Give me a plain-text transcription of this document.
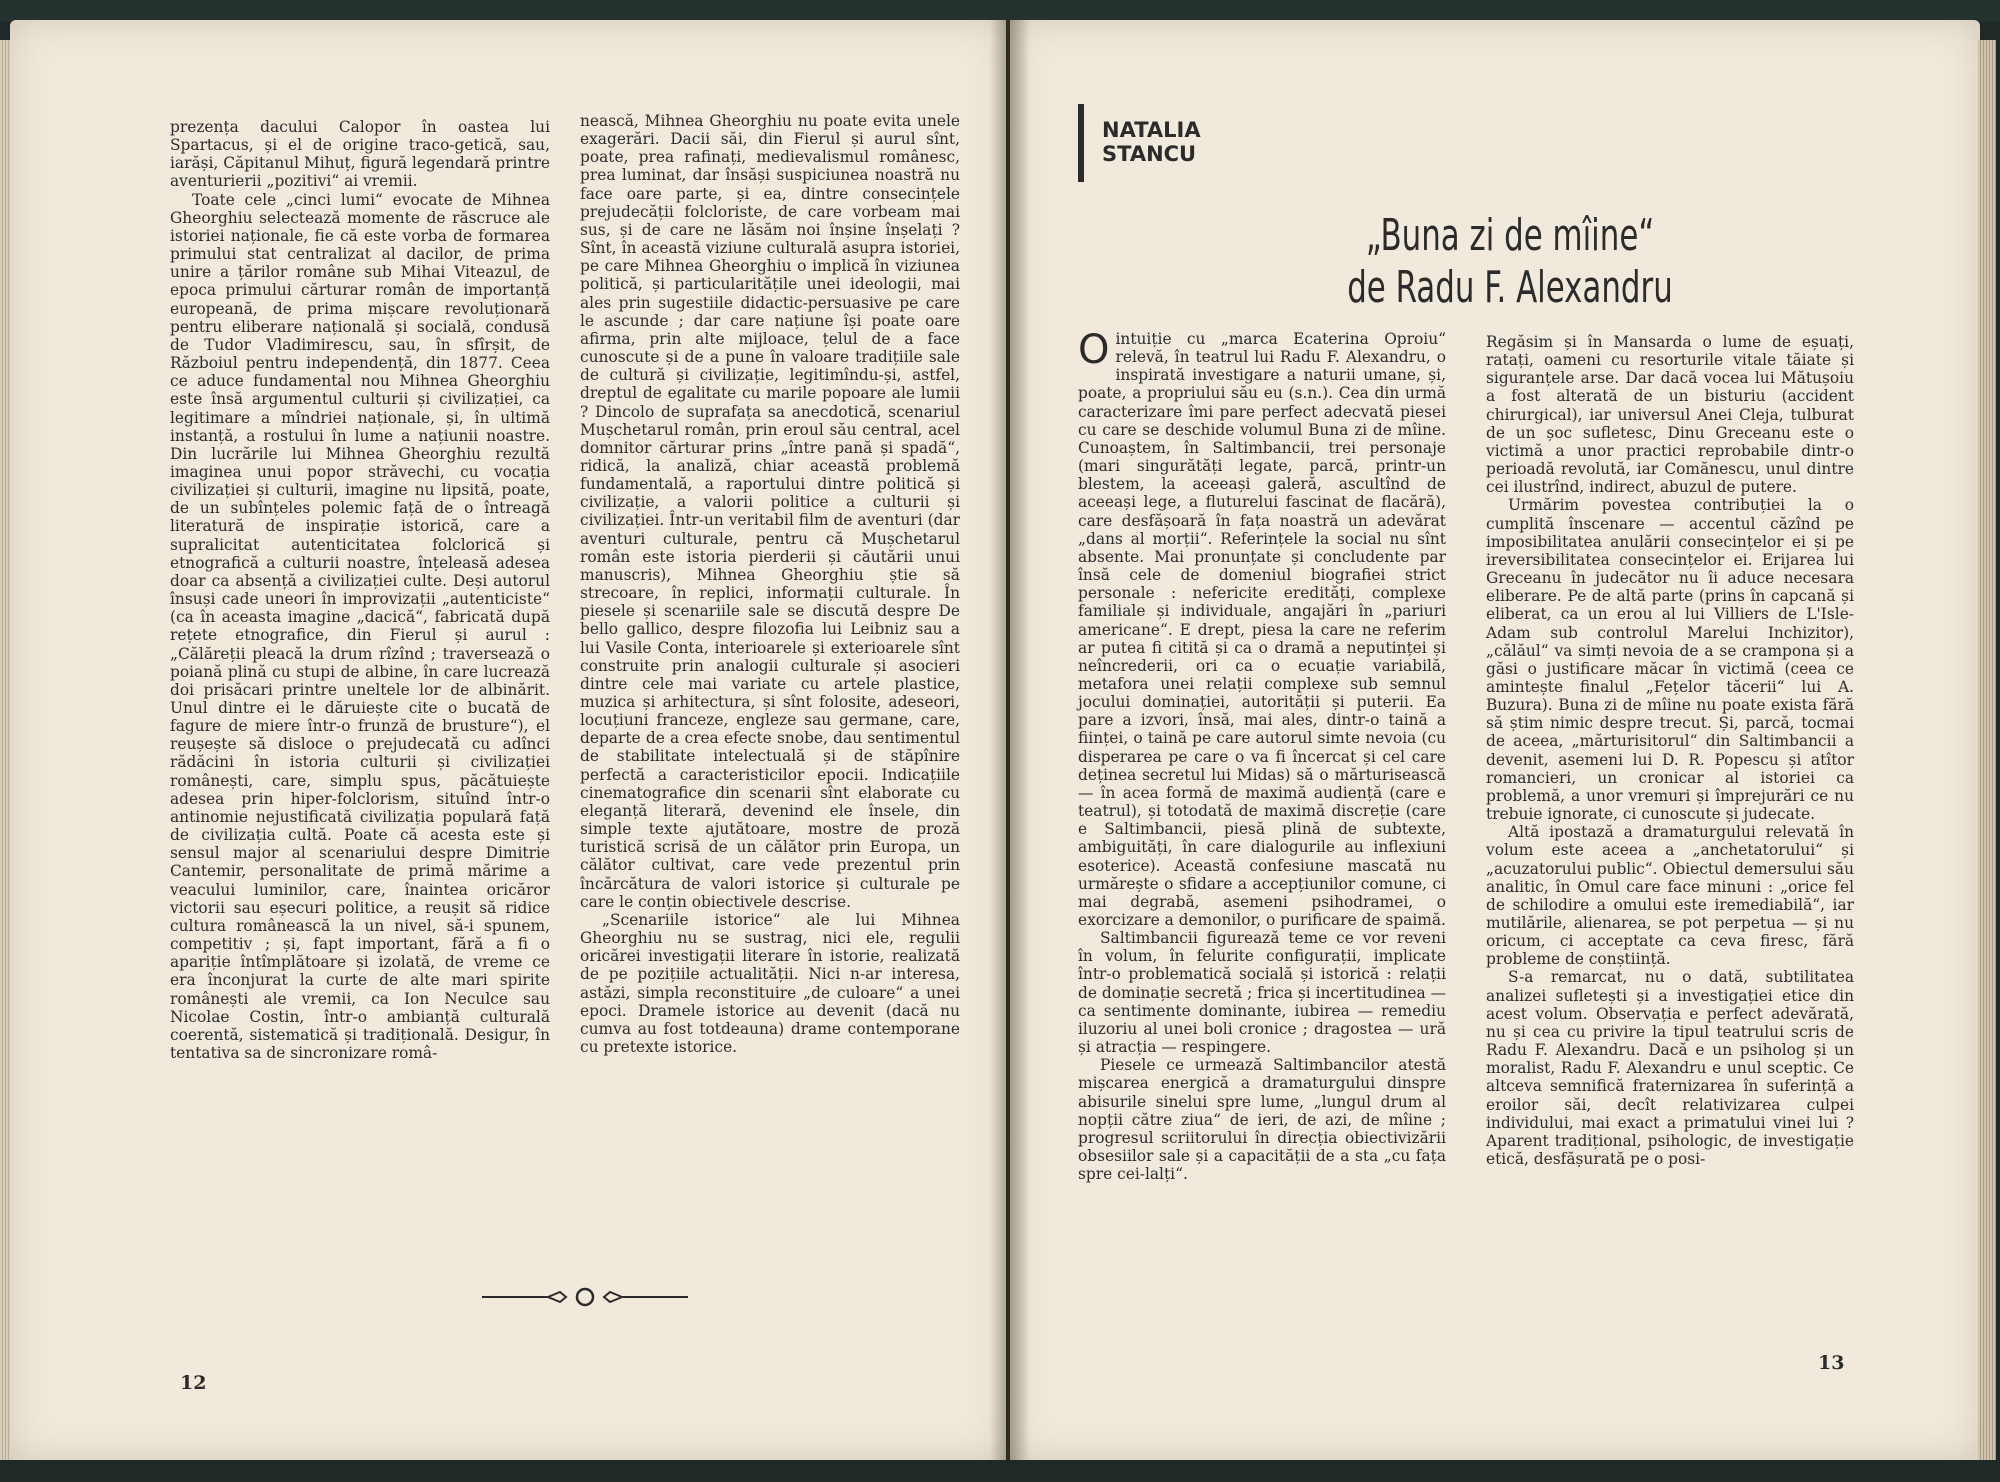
prezența dacului Calopor în oastea lui Spartacus, și el de origine traco-getică, sau, iarăși, Căpitanul Mihuț, figură legendară printre aventurierii „pozitivi“ ai vremii.

Toate cele „cinci lumi“ evocate de Mihnea Gheorghiu selectează momente de răscruce ale istoriei naționale, fie că este vorba de formarea primului stat centralizat al dacilor, de prima unire a țărilor române sub Mihai Viteazul, de epoca primului cărturar român de importanță europeană, de prima mișcare revoluționară pentru eliberare națională și socială, condusă de Tudor Vladimirescu, sau, în sfîrșit, de Războiul pentru independență, din 1877. Ceea ce aduce fundamental nou Mihnea Gheorghiu este însă argumentul culturii și civilizației, ca legitimare a mîndriei naționale, și, în ultimă instanță, a rostului în lume a națiunii noastre. Din lucrările lui Mihnea Gheorghiu rezultă imaginea unui popor străvechi, cu vocația civilizației și culturii, imagine nu lipsită, poate, de un subînțeles polemic față de o întreagă literatură de inspirație istorică, care a supralicitat autenticitatea folclorică și etnografică a culturii noastre, înțeleasă adesea doar ca absență a civilizației culte. Deși autorul însuși cade uneori în improvizații „autenticiste“ (ca în aceasta imagine „dacică“, fabricată după rețete etnografice, din Fierul și aurul : „Călăreții pleacă la drum rîzînd ; traversează o poiană plină cu stupi de albine, în care lucrează doi prisăcari printre uneltele lor de albinărit. Unul dintre ei le dăruiește cite o bucată de fagure de miere într-o frunză de brusture“), el reușește să disloce o prejudecată cu adînci rădăcini în istoria culturii și civilizației românești, care, simplu spus, păcătuiește adesea prin hiper-folclorism, situînd într-o antinomie nejustificată civilizația populară față de civilizația cultă. Poate că acesta este și sensul major al scenariului despre Dimitrie Cantemir, personalitate de primă mărime a veacului luminilor, care, înaintea oricăror victorii sau eșecuri politice, a reușit să ridice cultura românească la un nivel, să-i spunem, competitiv ; și, fapt important, fără a fi o apariție întîmplătoare și izolată, de vreme ce era înconjurat la curte de alte mari spirite românești ale vremii, ca Ion Neculce sau Nicolae Costin, într-o ambianță culturală coerentă, sistematică și tradițională. Desigur, în tentativa sa de sincronizare româ-

nească, Mihnea Gheorghiu nu poate evita unele exagerări. Dacii săi, din Fierul și aurul sînt, poate, prea rafinați, medievalismul românesc, prea luminat, dar însăși suspiciunea noastră nu face oare parte, și ea, dintre consecințele prejudecății folcloriste, de care vorbeam mai sus, și de care ne lăsăm noi înșine înșelați ? Sînt, în această viziune culturală asupra istoriei, pe care Mihnea Gheorghiu o implică în viziunea politică, și particularitățile unei ideologii, mai ales prin sugestiile didactic-persuasive pe care le ascunde ; dar care națiune își poate oare afirma, prin alte mijloace, țelul de a face cunoscute și de a pune în valoare tradițiile sale de cultură și civilizație, legitimîndu-și, astfel, dreptul de egalitate cu marile popoare ale lumii ? Dincolo de suprafața sa anecdotică, scenariul Mușchetarul român, prin eroul său central, acel domnitor cărturar prins „între pană și spadă“, ridică, la analiză, chiar această problemă fundamentală, a raportului dintre politică și civilizație, a valorii politice a culturii și civilizației. Într-un veritabil film de aventuri (dar aventuri culturale, pentru că Mușchetarul român este istoria pierderii și căutării unui manuscris), Mihnea Gheorghiu știe să strecoare, în replici, informații culturale. În piesele și scenariile sale se discută despre De bello gallico, despre filozofia lui Leibniz sau a lui Vasile Conta, interioarele și exterioarele sînt construite prin analogii culturale și asocieri dintre cele mai variate cu artele plastice, muzica și arhitectura, și sînt folosite, adeseori, locuțiuni franceze, engleze sau germane, care, departe de a crea efecte snobe, dau sentimentul de stabilitate intelectuală și de stăpînire perfectă a caracteristicilor epocii. Indicațiile cinematografice din scenarii sînt elaborate cu eleganță literară, devenind ele însele, din simple texte ajutătoare, mostre de proză turistică scrisă de un călător prin Europa, un călător cultivat, care vede prezentul prin încărcătura de valori istorice și culturale pe care le conțin obiectivele descrise.

„Scenariile istorice“ ale lui Mihnea Gheorghiu nu se sustrag, nici ele, regulii oricărei investigații literare în istorie, realizată de pe pozițiile actualității. Nici n-ar interesa, astăzi, simpla reconstituire „de culoare“ a unei epoci. Dramele istorice au devenit (dacă nu cumva au fost totdeauna) drame contemporane cu pretexte istorice.

12
NATALIA
STANCU
„Buna zi de mîine“
de Radu F. Alexandru

Ointuiție cu „marca Ecaterina Oproiu“ relevă, în teatrul lui Radu F. Alexandru, o inspirată investigare a naturii umane, și, poate, a propriului său eu (s.n.). Cea din urmă caracterizare îmi pare perfect adecvată piesei cu care se deschide volumul Buna zi de mîine. Cunoaștem, în Saltimbancii, trei personaje (mari singurătăți legate, parcă, printr-un blestem, la aceeași galeră, ascultînd de aceeași lege, a fluturelui fascinat de flacără), care desfășoară în fața noastră un adevărat „dans al morții“. Referințele la social nu sînt absente. Mai pronunțate și concludente par însă cele de domeniul biografiei strict personale : nefericite eredități, complexe familiale și individuale, angajări în „pariuri americane“. E drept, piesa la care ne referim ar putea fi citită și ca o dramă a neputinței și neîncrederii, ori ca o ecuație variabilă, metafora unei relații complexe sub semnul jocului dominației, autorității și puterii. Ea pare a izvori, însă, mai ales, dintr-o taină a ființei, o taină pe care autorul simte nevoia (cu disperarea pe care o va fi încercat și cel care deținea secretul lui Midas) să o mărturisească — în acea formă de maximă audiență (care e teatrul), și totodată de maximă discreție (care e Saltimbancii, piesă plină de subtexte, ambiguități, în care dialogurile au inflexiuni esoterice). Această confesiune mascată nu urmărește o sfidare a accepțiunilor comune, ci mai degrabă, asemeni psihodramei, o exorcizare a demonilor, o purificare de spaimă.

Saltimbancii figurează teme ce vor reveni în volum, în felurite configurații, implicate într-o problematică socială și istorică : relații de dominație secretă ; frica și incertitudinea — ca sentimente dominante, iubirea — remediu iluzoriu al unei boli cronice ; dragostea — ură și atracția — respingere.

Piesele ce urmează Saltimbancilor atestă mișcarea energică a dramaturgului dinspre abisurile sinelui spre lume, „lungul drum al nopții către ziua“ de ieri, de azi, de mîine ; progresul scriitorului în direcția obiectivizării obsesiilor sale și a capacității de a sta „cu fața spre cei-lalți“.

Regăsim și în Mansarda o lume de eșuați, ratați, oameni cu resorturile vitale tăiate și siguranțele arse. Dar dacă vocea lui Mătușoiu a fost alterată de un bisturiu (accident chirurgical), iar universul Anei Cleja, tulburat de un șoc sufletesc, Dinu Greceanu este o victimă a unor practici reprobabile dintr-o perioadă revolută, iar Comănescu, unul dintre cei ilustrînd, indirect, abuzul de putere.

Urmărim povestea contribuției la o cumplită înscenare — accentul căzînd pe imposibilitatea anulării consecințelor ei și pe ireversibilitatea consecințelor ei. Erijarea lui Greceanu în judecător nu îi aduce necesara eliberare. Pe de altă parte (prins în capcană și eliberat, ca un erou al lui Villiers de L'Isle-Adam sub controlul Marelui Inchizitor), „călăul“ va simți nevoia de a se crampona și a găsi o justificare măcar în victimă (ceea ce amintește finalul „Fețelor tăcerii“ lui A. Buzura). Buna zi de mîine nu poate exista fără să știm nimic despre trecut. Și, parcă, tocmai de aceea, „mărturisitorul“ din Saltimbancii a devenit, asemeni lui D. R. Popescu și atîtor romancieri, un cronicar al istoriei ca problemă, a unor vremuri și împrejurări ce nu trebuie ignorate, ci cunoscute și judecate.

Altă ipostază a dramaturgului relevată în volum este aceea a „anchetatorului“ și „acuzatorului public“. Obiectul demersului său analitic, în Omul care face minuni : „orice fel de schilodire a omului este iremediabilă“, iar mutilările, alienarea, se pot perpetua — și nu oricum, ci acceptate ca ceva firesc, fără probleme de conștiință.

S-a remarcat, nu o dată, subtilitatea analizei sufletești și a investigației etice din acest volum. Observația e perfect adevărată, nu și cea cu privire la tipul teatrului scris de Radu F. Alexandru. Dacă e un psiholog și un moralist, Radu F. Alexandru e unul sceptic. Ce altceva semnifică fraternizarea în suferință a eroilor săi, decît relativizarea culpei individului, mai exact a primatului vinei lui ? Aparent tradițional, psihologic, de investigație etică, desfășurată pe o posi-

13
